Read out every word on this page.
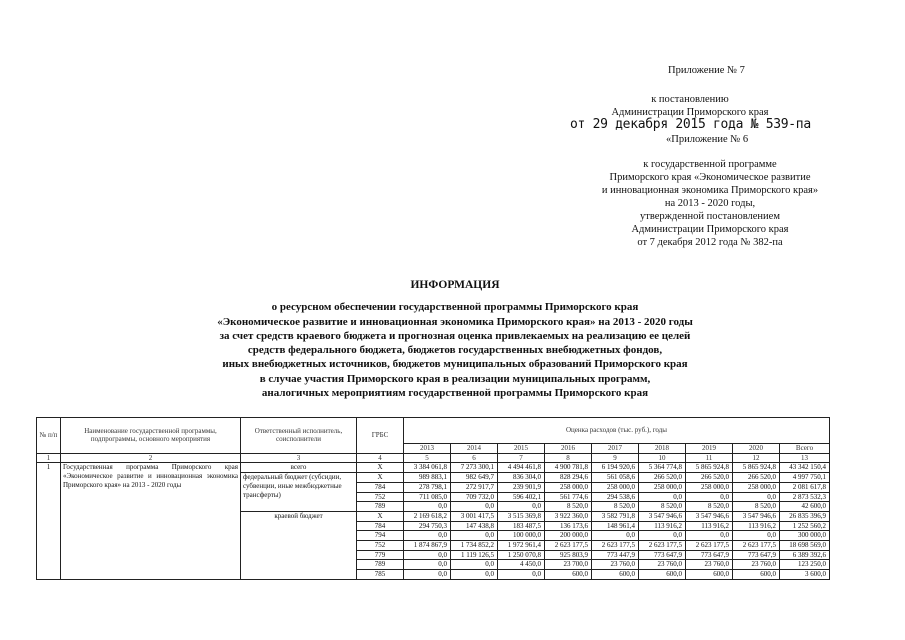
Приложение № 7
к постановлению
Администрации Приморского края
от 29 декабря 2015 года № 539-па
«Приложение № 6
к государственной программе
Приморского края «Экономическое развитие
и инновационная экономика Приморского края»
на 2013 - 2020 годы,
утвержденной постановлением
Администрации Приморского края
от 7 декабря 2012 года № 382-па
ИНФОРМАЦИЯ
о ресурсном обеспечении государственной программы Приморского края
«Экономическое развитие и инновационная экономика Приморского края» на 2013 - 2020 годы
за счет средств краевого бюджета и прогнозная оценка привлекаемых на реализацию ее целей
средств федерального бюджета, бюджетов государственных внебюджетных фондов,
иных внебюджетных источников, бюджетов муниципальных образований Приморского края
в случае участия Приморского края в реализации муниципальных программ,
аналогичных мероприятиям государственной программы Приморского края
№ п/п	Наименование государственной программы, подпрограммы, основного мероприятия	Ответственный исполнитель, соисполнители	ГРБС	Оценка расходов (тыс. руб.), годы								
				2013	2014	2015	2016	2017	2018	2019	2020	Всего
1	2	3	4	5	6	7	8	9	10	11	12	13
1	Государственная программа Приморского края «Экономическое развитие и инновационная экономика Приморского края» на 2013 - 2020 годы	всего	X	3 384 061,8	7 273 300,1	4 494 461,8	4 900 781,8	6 194 920,6	5 364 774,8	5 865 924,8	5 865 924,8	43 342 150,4
		федеральный бюджет (субсидии, субвенции, иные межбюджетные трансферты)	X	989 883,1	982 649,7	836 304,0	828 294,6	561 058,6	266 520,0	266 520,0	266 520,0	4 997 750,1
			784	278 798,1	272 917,7	239 901,9	258 000,0	258 000,0	258 000,0	258 000,0	258 000,0	2 081 617,8
			752	711 085,0	709 732,0	596 402,1	561 774,6	294 538,6	0,0	0,0	0,0	2 873 532,3
			789	0,0	0,0	0,0	8 520,0	8 520,0	8 520,0	8 520,0	8 520,0	42 600,0
		краевой бюджет	X	2 169 618,2	3 001 417,5	3 515 369,8	3 922 360,0	3 582 791,8	3 547 946,6	3 547 946,6	3 547 946,6	26 835 396,9
			784	294 750,3	147 438,8	183 487,5	136 173,6	148 961,4	113 916,2	113 916,2	113 916,2	1 252 560,2
			794	0,0	0,0	100 000,0	200 000,0	0,0	0,0	0,0	0,0	300 000,0
			752	1 874 867,9	1 734 852,2	1 972 961,4	2 623 177,5	2 623 177,5	2 623 177,5	2 623 177,5	2 623 177,5	18 698 569,0
			779	0,0	1 119 126,5	1 250 070,8	925 803,9	773 447,9	773 647,9	773 647,9	773 647,9	6 389 392,6
			789	0,0	0,0	4 450,0	23 700,0	23 760,0	23 760,0	23 760,0	23 760,0	123 250,0
			785	0,0	0,0	0,0	600,0	600,0	600,0	600,0	600,0	3 600,0
